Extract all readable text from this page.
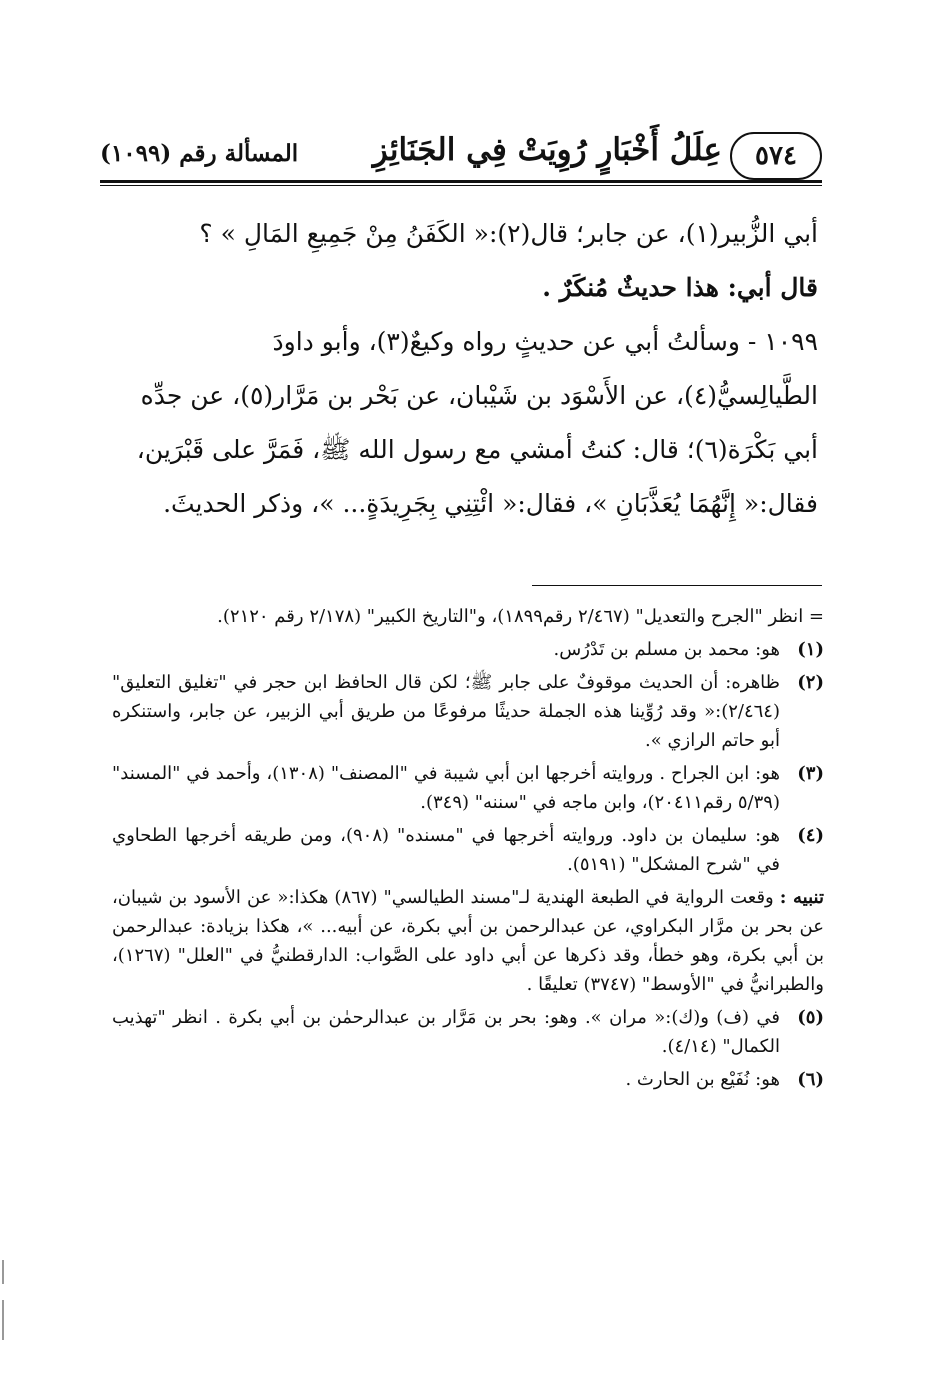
٥٧٤
عِلَلُ أَخْبَارٍ رُوِيَتْ فِي الجَنَائِزِ
المسألة رقم (١٠٩٩)
أبي الزُّبير(١)، عن جابر؛ قال(٢):« الكَفَنُ مِنْ جَمِيعِ المَالِ » ؟
قال أبي: هذا حديثٌ مُنكَرٌ .
١٠٩٩ - وسألتُ أبي عن حديثٍ رواه وكيعٌ(٣)، وأبو داودَ
الطَّيالِسيُّ(٤)، عن الأَسْوَد بن شَيْبان، عن بَحْر بن مَرَّار(٥)، عن جدِّه
أبي بَكْرَة(٦)؛ قال: كنتُ أمشي مع رسول الله ﷺ، فَمَرَّ على قَبْرَين،
فقال:« إِنَّهُمَا يُعَذَّبَانِ »، فقال:« ائْتِنِي بِجَرِيدَةٍ... »، وذكر الحديثَ.
= انظر "الجرح والتعديل" (٢/٤٦٧ رقم١٨٩٩)، و"التاريخ الكبير" (٢/١٧٨ رقم ٢١٢٠).
(١)
هو: محمد بن مسلم بن تَدْرُس.
(٢)
ظاهره: أن الحديث موقوفٌ على جابر ﷺ؛ لكن قال الحافظ ابن حجر في "تغليق التعليق" (٢/٤٦٤):« وقد رُوِّينا هذه الجملة حديثًا مرفوعًا من طريق أبي الزبير، عن جابر، واستنكره أبو حاتم الرازي ».
(٣)
هو: ابن الجراح . وروايته أخرجها ابن أبي شيبة في "المصنف" (١٣٠٨)، وأحمد في "المسند" (٥/٣٩ رقم٢٠٤١١)، وابن ماجه في "سننه" (٣٤٩).
(٤)
هو: سليمان بن داود. وروايته أخرجها في "مسنده" (٩٠٨)، ومن طريقه أخرجها الطحاوي في "شرح المشكل" (٥١٩١).
تنبيه : وقعت الرواية في الطبعة الهندية لـ"مسند الطيالسي" (٨٦٧) هكذا:« عن الأسود بن شيبان، عن بحر بن مرَّار البكراوي، عن عبدالرحمن بن أبي بكرة، عن أبيه... »، هكذا بزيادة: عبدالرحمن بن أبي بكرة، وهو خطأ، وقد ذكرها عن أبي داود على الصَّواب: الدارقطنيُّ في "العلل" (١٢٦٧)، والطبرانيُّ في "الأوسط" (٣٧٤٧) تعليقًا .
(٥)
في (ف) و(ك):« مران ». وهو: بحر بن مَرَّار بن عبدالرحمٰن بن أبي بكرة . انظر "تهذيب الكمال" (٤/١٤).
(٦)
هو: نُفَيْع بن الحارث .
